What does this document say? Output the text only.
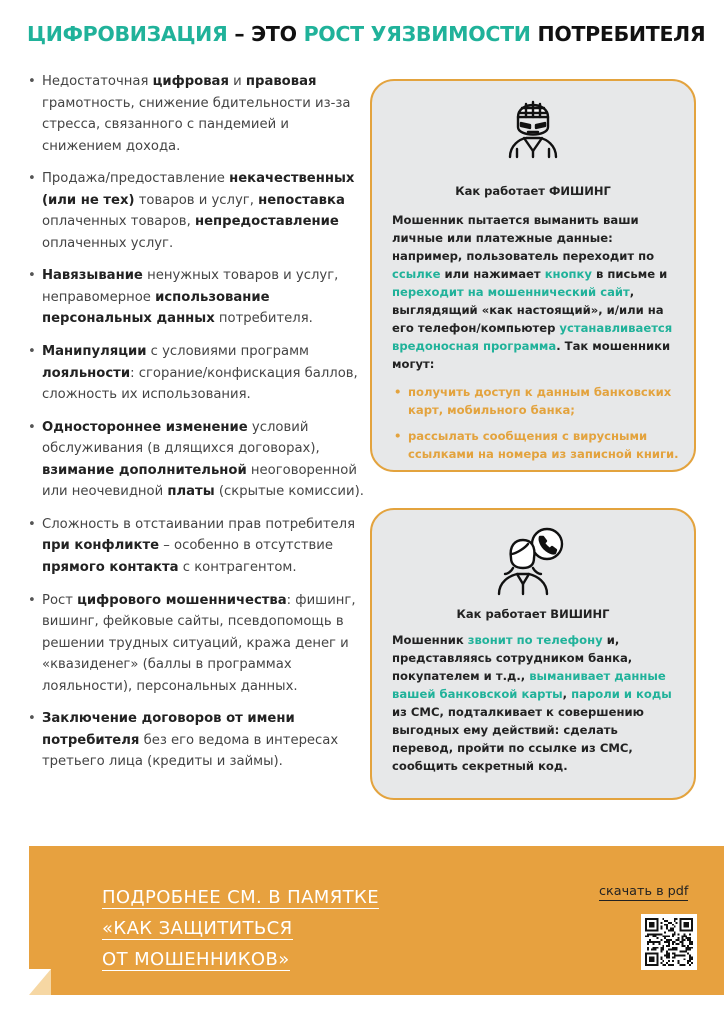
ЦИФРОВИЗАЦИЯ – ЭТО РОСТ УЯЗВИМОСТИ ПОТРЕБИТЕЛЯ
• Недостаточная цифровая и правовая грамотность, снижение бдительности из-за стресса, связанного с пандемией и снижением дохода.
• Продажа/предоставление некачественных (или не тех) товаров и услуг, непоставка оплаченных товаров, непредоставление оплаченных услуг.
• Навязывание ненужных товаров и услуг, неправомерное использование персональных данных потребителя.
• Манипуляции с условиями программ лояльности: сгорание/конфискация баллов, сложность их использования.
• Одностороннее изменение условий обслуживания (в длящихся договорах), взимание дополнительной неоговоренной или неочевидной платы (скрытые комиссии).
• Сложность в отстаивании прав потребителя при конфликте – особенно в отсутствие прямого контакта с контрагентом.
• Рост цифрового мошенничества: фишинг, вишинг, фейковые сайты, псевдопомощь в решении трудных ситуаций, кража денег и «квазиденег» (баллы в программах лояльности), персональных данных.
• Заключение договоров от имени потребителя без его ведома в интересах третьего лица (кредиты и займы).
Как работает ФИШИНГ
Мошенник пытается выманить ваши личные или платежные данные: например, пользователь переходит по ссылке или нажимает кнопку в письме и переходит на мошеннический сайт, выглядящий «как настоящий», и/или на его телефон/компьютер устанавливается вредоносная программа. Так мошенники могут:
• получить доступ к данным банковских карт, мобильного банка;
• рассылать сообщения с вирусными ссылками на номера из записной книги.
Как работает ВИШИНГ
Мошенник звонит по телефону и, представляясь сотрудником банка, покупателем и т.д., выманивает данные вашей банковской карты, пароли и коды из СМС, подталкивает к совершению выгодных ему действий: сделать перевод, пройти по ссылке из СМС, сообщить секретный код.
ПОДРОБНЕЕ СМ. В ПАМЯТКЕ
«КАК ЗАЩИТИТЬСЯ
ОТ МОШЕННИКОВ»
скачать в pdf
